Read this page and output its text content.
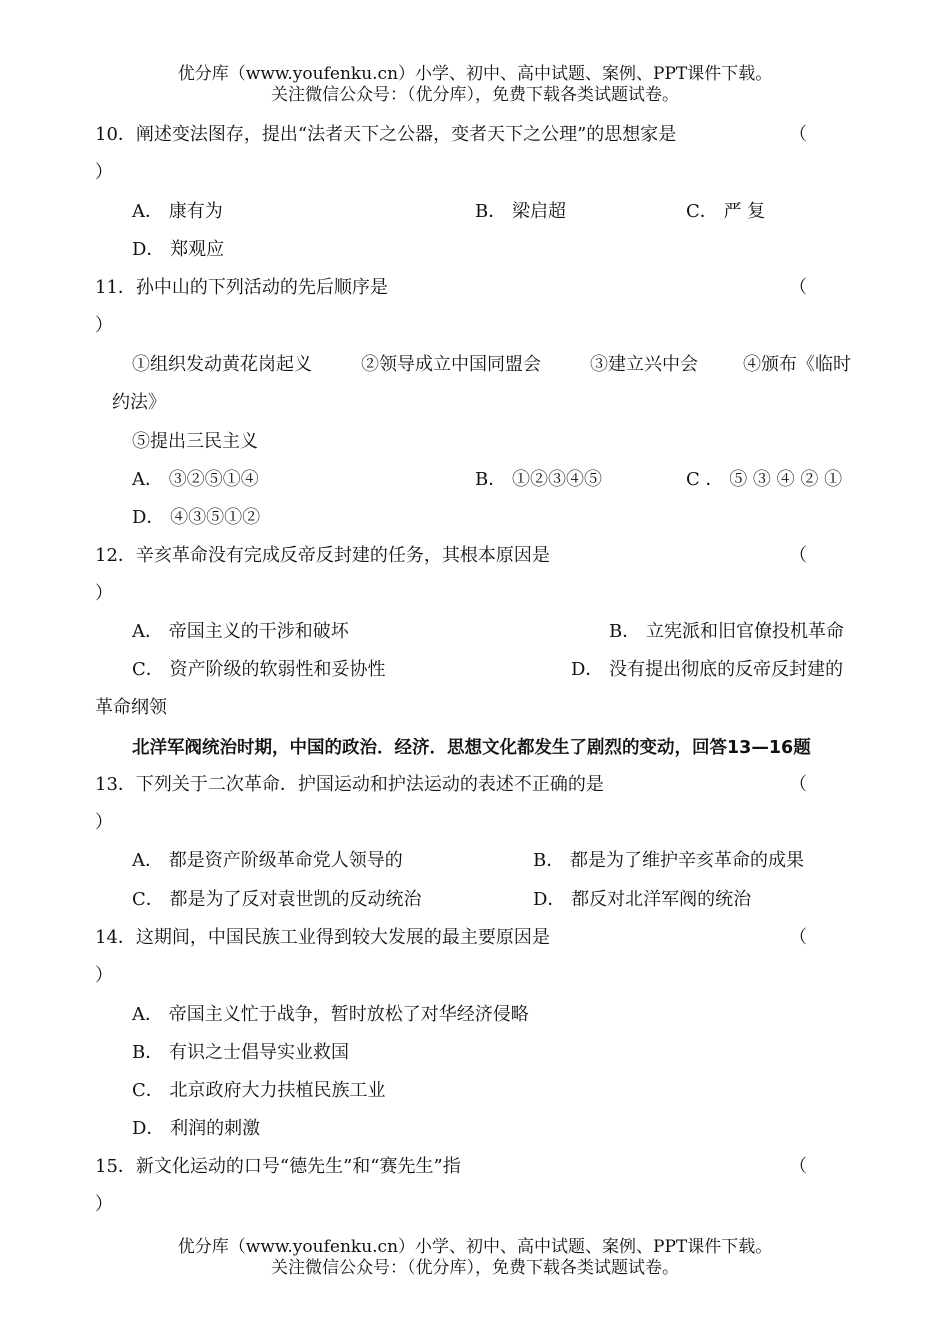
优分库（www.youfenku.cn）小学、初中、高中试题、案例、PPT课件下载。
关注微信公众号：（优分库），免费下载各类试题试卷。
10．阐述变法图存，提出“法者天下之公器，变者天下之公理”的思想家是	（
）
A． 康有为	B． 梁启超	C． 严 复
D． 郑观应
11．孙中山的下列活动的先后顺序是	（
）
①组织发动黄花岗起义	②领导成立中国同盟会	③建立兴中会	④颁布《临时
约法》
⑤提出三民主义
A． ③②⑤①④	B． ①②③④⑤	C ． ⑤ ③ ④ ② ①
D． ④③⑤①②
12．辛亥革命没有完成反帝反封建的任务，其根本原因是	（
）
A． 帝国主义的干涉和破坏	B． 立宪派和旧官僚投机革命
C． 资产阶级的软弱性和妥协性	D． 没有提出彻底的反帝反封建的
革命纲领
北洋军阀统治时期，中国的政治．经济．思想文化都发生了剧烈的变动，回答13—16题
13．下列关于二次革命．护国运动和护法运动的表述不正确的是	（
）
A． 都是资产阶级革命党人领导的	B． 都是为了维护辛亥革命的成果
C． 都是为了反对袁世凯的反动统治	D． 都反对北洋军阀的统治
14．这期间，中国民族工业得到较大发展的最主要原因是	（
）
A． 帝国主义忙于战争，暂时放松了对华经济侵略
B． 有识之士倡导实业救国
C． 北京政府大力扶植民族工业
D． 利润的刺激
15．新文化运动的口号“德先生”和“赛先生”指	（
）
优分库（www.youfenku.cn）小学、初中、高中试题、案例、PPT课件下载。
关注微信公众号：（优分库），免费下载各类试题试卷。
